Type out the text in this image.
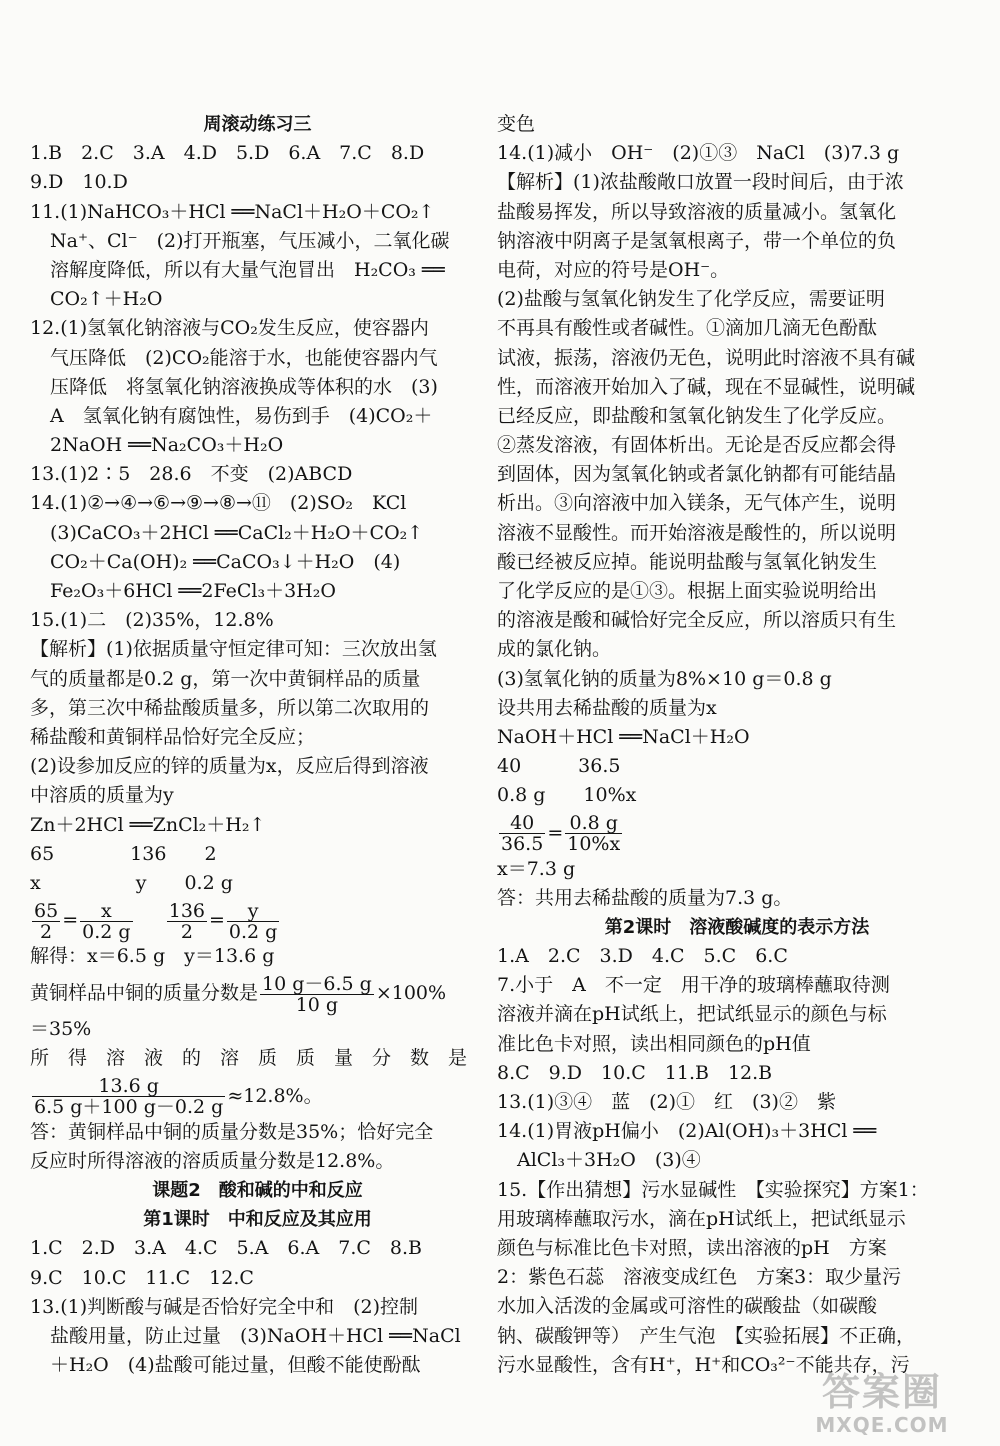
周滚动练习三
1.B　2.C　3.A　4.D　5.D　6.A　7.C　8.D
9.D　10.D
11.(1)NaHCO₃＋HCl ══NaCl＋H₂O＋CO₂↑
Na⁺、Cl⁻　(2)打开瓶塞，气压减小，二氧化碳
溶解度降低，所以有大量气泡冒出　H₂CO₃ ══
CO₂↑＋H₂O
12.(1)氢氧化钠溶液与CO₂发生反应，使容器内
气压降低　(2)CO₂能溶于水，也能使容器内气
压降低　将氢氧化钠溶液换成等体积的水　(3)
A　氢氧化钠有腐蚀性，易伤到手　(4)CO₂＋
2NaOH ══Na₂CO₃＋H₂O
13.(1)2∶5　28.6　不变　(2)ABCD
14.(1)②→④→⑥→⑨→⑧→⑪　(2)SO₂　KCl
(3)CaCO₃＋2HCl ══CaCl₂＋H₂O＋CO₂↑
CO₂＋Ca(OH)₂ ══CaCO₃↓＋H₂O　(4)
Fe₂O₃＋6HCl ══2FeCl₃＋3H₂O
15.(1)二　(2)35%，12.8%
【解析】(1)依据质量守恒定律可知：三次放出氢
气的质量都是0.2 g，第一次中黄铜样品的质量
多，第三次中稀盐酸质量多，所以第二次取用的
稀盐酸和黄铜样品恰好完全反应；
(2)设参加反应的锌的质量为x，反应后得到溶液
中溶质的质量为y
Zn＋2HCl ══ZnCl₂＋H₂↑
65　　　　136　　2
x　　　　　y　　0.2 g
$\frac{65}{2} = \frac{x}{0.2 g}$
$\frac{136}{2} = \frac{y}{0.2 g}$
解得：x＝6.5 g　y＝13.6 g
黄铜样品中铜的质量分数是 $\frac{10 g-6.5 g}{10 g} \times 100\%$
＝35%
所　得　溶　液　的　溶　质　质　量　分　数　是
$\frac{13.6 g}{6.5 g+100 g-0.2 g} \approx 12.8\%$。
答：黄铜样品中铜的质量分数是35%；恰好完全
反应时所得溶液的溶质质量分数是12.8%。
课题2　酸和碱的中和反应
第1课时　中和反应及其应用
1.C　2.D　3.A　4.C　5.A　6.A　7.C　8.B
9.C　10.C　11.C　12.C
13.(1)判断酸与碱是否恰好完全中和　(2)控制
盐酸用量，防止过量　(3)NaOH＋HCl ══NaCl
＋H₂O　(4)盐酸可能过量，但酸不能使酚酞
变色
14.(1)减小　OH⁻　(2)①③　NaCl　(3)7.3 g
【解析】(1)浓盐酸敞口放置一段时间后，由于浓
盐酸易挥发，所以导致溶液的质量减小。氢氧化
钠溶液中阴离子是氢氧根离子，带一个单位的负
电荷，对应的符号是OH⁻。
(2)盐酸与氢氧化钠发生了化学反应，需要证明
不再具有酸性或者碱性。①滴加几滴无色酚酞
试液，振荡，溶液仍无色，说明此时溶液不具有碱
性，而溶液开始加入了碱，现在不显碱性，说明碱
已经反应，即盐酸和氢氧化钠发生了化学反应。
②蒸发溶液，有固体析出。无论是否反应都会得
到固体，因为氢氧化钠或者氯化钠都有可能结晶
析出。③向溶液中加入镁条，无气体产生，说明
溶液不显酸性。而开始溶液是酸性的，所以说明
酸已经被反应掉。能说明盐酸与氢氧化钠发生
了化学反应的是①③。根据上面实验说明给出
的溶液是酸和碱恰好完全反应，所以溶质只有生
成的氯化钠。
(3)氢氧化钠的质量为8%×10 g＝0.8 g
设共用去稀盐酸的质量为x
NaOH＋HCl ══NaCl＋H₂O
40　　　36.5
0.8 g　　10%x
$\frac{40}{36.5} = \frac{0.8 g}{10\%x}$
x＝7.3 g
答：共用去稀盐酸的质量为7.3 g。
第2课时　溶液酸碱度的表示方法
1.A　2.C　3.D　4.C　5.C　6.C
7.小于　A　不一定　用干净的玻璃棒蘸取待测
溶液并滴在pH试纸上，把试纸显示的颜色与标
准比色卡对照，读出相同颜色的pH值
8.C　9.D　10.C　11.B　12.B
13.(1)③④　蓝　(2)①　红　(3)②　紫
14.(1)胃液pH偏小　(2)Al(OH)₃＋3HCl ══
AlCl₃＋3H₂O　(3)④
15.【作出猜想】污水显碱性　【实验探究】方案1：
用玻璃棒蘸取污水，滴在pH试纸上，把试纸显示
颜色与标准比色卡对照，读出溶液的pH　方案
2：紫色石蕊　溶液变成红色　方案3：取少量污
水加入活泼的金属或可溶性的碳酸盐（如碳酸
钠、碳酸钾等）　产生气泡　【实验拓展】不正确，
污水显酸性，含有H⁺，H⁺和CO₃²⁻不能共存，污
答案圈
MXQE.COM
